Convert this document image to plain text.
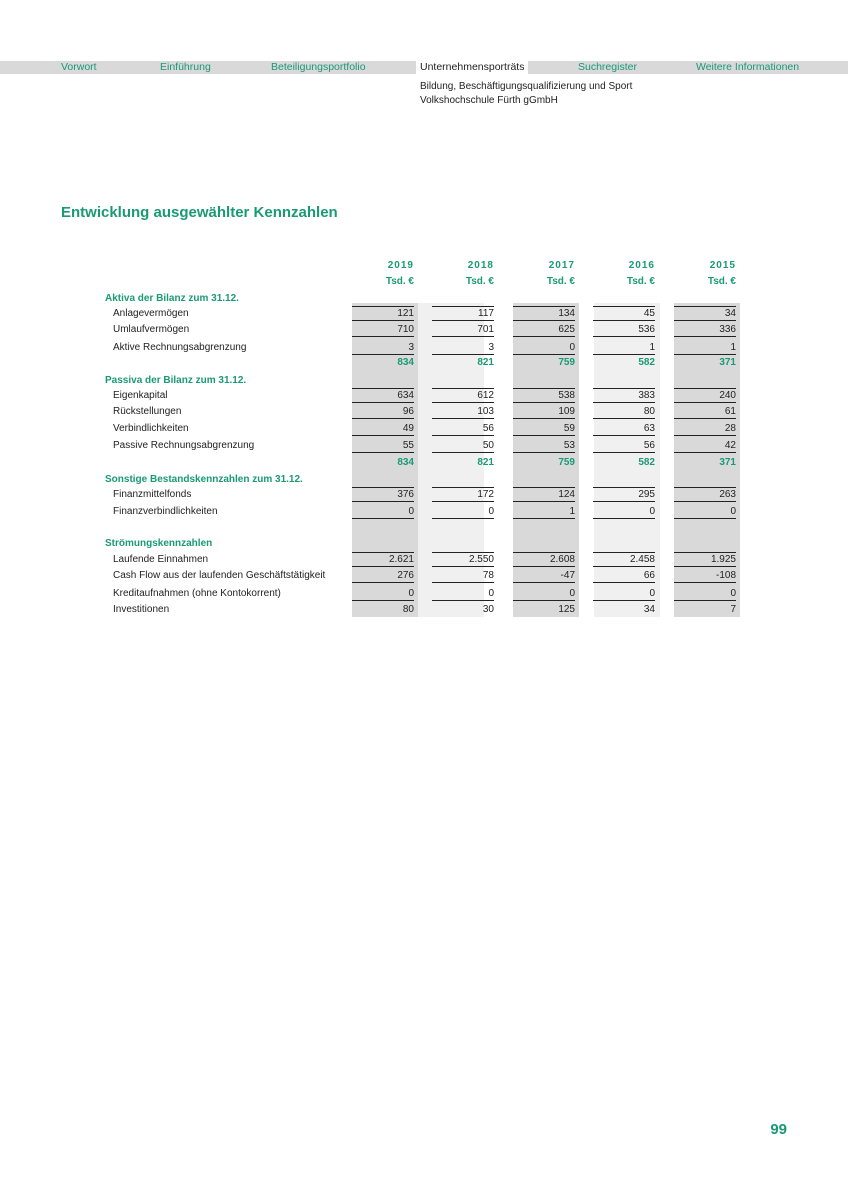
Vorwort	Einführung	Beteiligungsportfolio	Unternehmensporträts	Suchregister	Weitere Informationen
Bildung, Beschäftigungsqualifizierung und Sport
Volkshochschule Fürth gGmbH
Entwicklung ausgewählter Kennzahlen
2019	2018	2017	2016	2015
Tsd. €	Tsd. €	Tsd. €	Tsd. €	Tsd. €
Aktiva der Bilanz zum 31.12.
Passiva der Bilanz zum 31.12.
Sonstige Bestandskennzahlen zum 31.12.
Strömungskennzahlen
Anlagevermögen	121	117	134	45	34
Umlaufvermögen	710	701	625	536	336
Aktive Rechnungsabgrenzung	3	3	0	1	1
834	821	759	582	371
Eigenkapital	634	612	538	383	240
Rückstellungen	96	103	109	80	61
Verbindlichkeiten	49	56	59	63	28
Passive Rechnungsabgrenzung	55	50	53	56	42
834	821	759	582	371
Finanzmittelfonds	376	172	124	295	263
Finanzverbindlichkeiten	0	0	1	0	0
Laufende Einnahmen	2.621	2.550	2.608	2.458	1.925
Cash Flow aus der laufenden Geschäftstätigkeit	276	78	-47	66	-108
Kreditaufnahmen (ohne Kontokorrent)	0	0	0	0	0
Investitionen	80	30	125	34	7
99
